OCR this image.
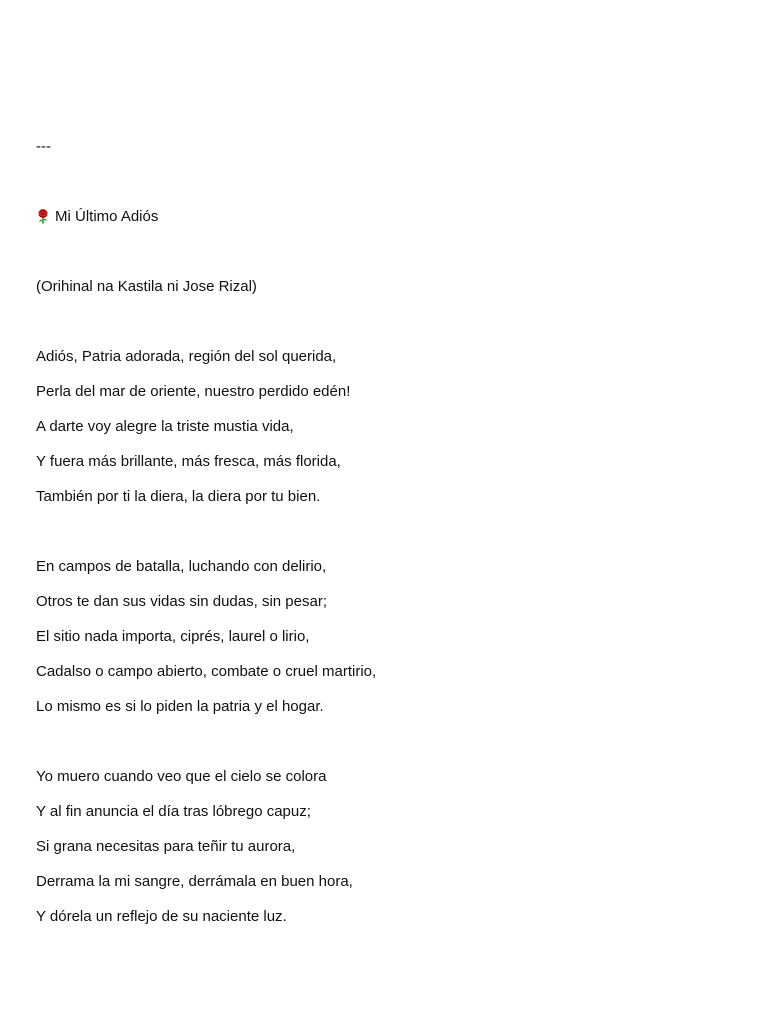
---
Mi Último Adiós
(Orihinal na Kastila ni Jose Rizal)
Adiós, Patria adorada, región del sol querida,
Perla del mar de oriente, nuestro perdido edén!
A darte voy alegre la triste mustia vida,
Y fuera más brillante, más fresca, más florida,
También por ti la diera, la diera por tu bien.
En campos de batalla, luchando con delirio,
Otros te dan sus vidas sin dudas, sin pesar;
El sitio nada importa, ciprés, laurel o lirio,
Cadalso o campo abierto, combate o cruel martirio,
Lo mismo es si lo piden la patria y el hogar.
Yo muero cuando veo que el cielo se colora
Y al fin anuncia el día tras lóbrego capuz;
Si grana necesitas para teñir tu aurora,
Derrama la mi sangre, derrámala en buen hora,
Y dórela un reflejo de su naciente luz.
